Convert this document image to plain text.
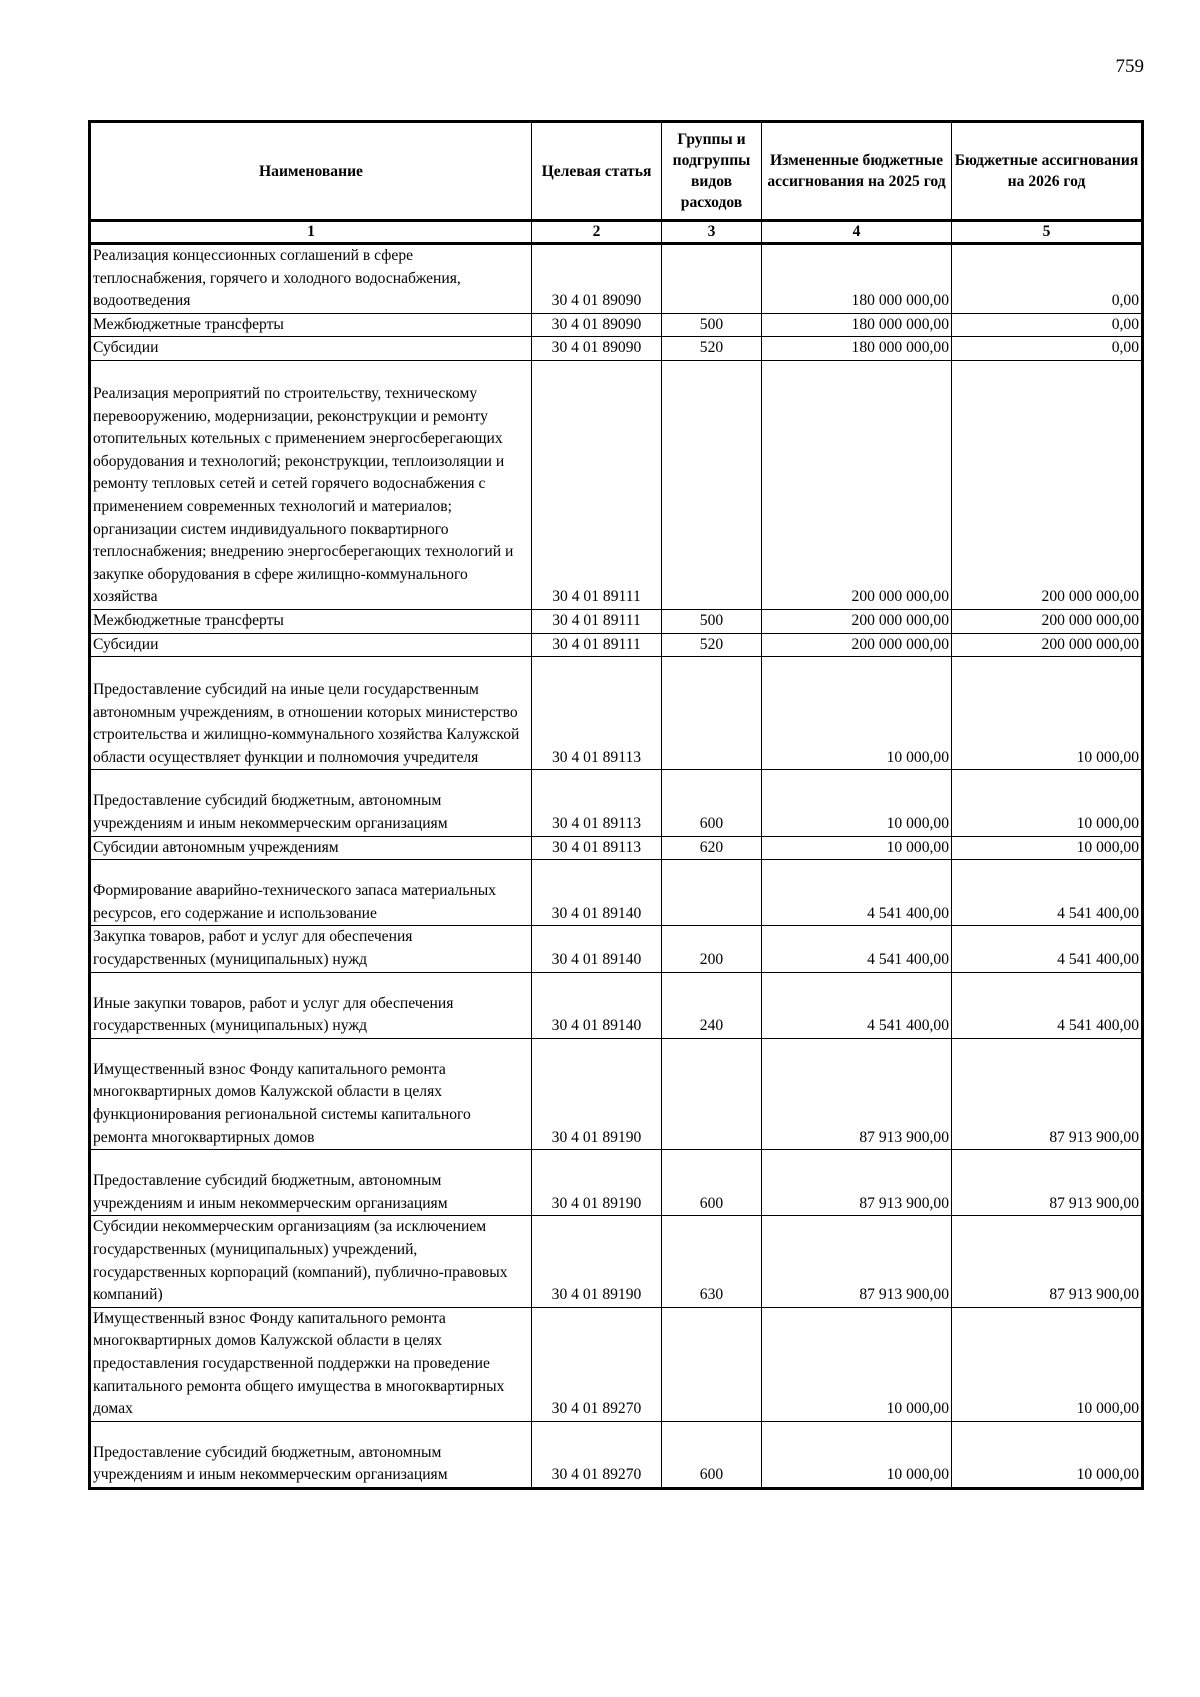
759
Наименование	Целевая статья	Группы и подгруппы видов расходов	Измененные бюджетные ассигнования на 2025 год	Бюджетные ассигнования на 2026 год
1	2	3	4	5
Реализация концессионных соглашений в сфере теплоснабжения, горячего и холодного водоснабжения, водоотведения	30 4 01 89090		180 000 000,00	0,00
Межбюджетные трансферты	30 4 01 89090	500	180 000 000,00	0,00
Субсидии	30 4 01 89090	520	180 000 000,00	0,00
Реализация мероприятий по строительству, техническому перевооружению, модернизации, реконструкции и ремонту отопительных котельных с применением энергосберегающих оборудования и технологий; реконструкции, теплоизоляции и ремонту тепловых сетей и сетей горячего водоснабжения с применением современных технологий и материалов; организации систем индивидуального поквартирного теплоснабжения; внедрению энергосберегающих технологий и закупке оборудования в сфере жилищно-коммунального хозяйства	30 4 01 89111		200 000 000,00	200 000 000,00
Межбюджетные трансферты	30 4 01 89111	500	200 000 000,00	200 000 000,00
Субсидии	30 4 01 89111	520	200 000 000,00	200 000 000,00
Предоставление субсидий на иные цели государственным автономным учреждениям, в отношении которых министерство строительства и жилищно-коммунального хозяйства Калужской области осуществляет функции и полномочия учредителя	30 4 01 89113		10 000,00	10 000,00
Предоставление субсидий бюджетным, автономным учреждениям и иным некоммерческим организациям	30 4 01 89113	600	10 000,00	10 000,00
Субсидии автономным учреждениям	30 4 01 89113	620	10 000,00	10 000,00
Формирование аварийно-технического запаса материальных ресурсов, его содержание и использование	30 4 01 89140		4 541 400,00	4 541 400,00
Закупка товаров, работ и услуг для обеспечения государственных (муниципальных) нужд	30 4 01 89140	200	4 541 400,00	4 541 400,00
Иные закупки товаров, работ и услуг для обеспечения государственных (муниципальных) нужд	30 4 01 89140	240	4 541 400,00	4 541 400,00
Имущественный взнос Фонду капитального ремонта многоквартирных домов Калужской области в целях функционирования региональной системы капитального ремонта многоквартирных домов	30 4 01 89190		87 913 900,00	87 913 900,00
Предоставление субсидий бюджетным, автономным учреждениям и иным некоммерческим организациям	30 4 01 89190	600	87 913 900,00	87 913 900,00
Субсидии некоммерческим организациям (за исключением государственных (муниципальных) учреждений, государственных корпораций (компаний), публично-правовых компаний)	30 4 01 89190	630	87 913 900,00	87 913 900,00
Имущественный взнос Фонду капитального ремонта многоквартирных домов Калужской области в целях предоставления государственной поддержки на проведение капитального ремонта общего имущества в многоквартирных домах	30 4 01 89270		10 000,00	10 000,00
Предоставление субсидий бюджетным, автономным учреждениям и иным некоммерческим организациям	30 4 01 89270	600	10 000,00	10 000,00
